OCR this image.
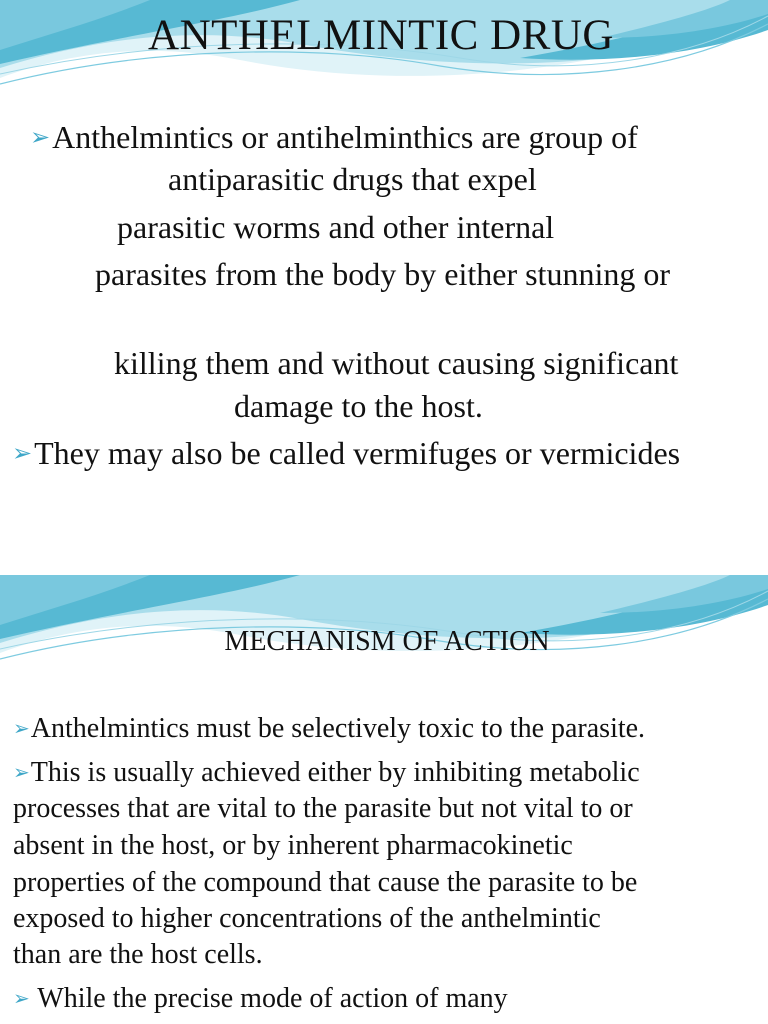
ANTHELMINTIC DRUG
➢Anthelmintics or antihelminthics are group of
antiparasitic drugs that expel
parasitic worms and other internal
parasites from the body by either stunning or
killing them and without causing significant
damage to the host.
➢They may also be called vermifuges or vermicides
MECHANISM OF ACTION
➢Anthelmintics must be selectively toxic to the parasite.
➢This is usually achieved either by inhibiting metabolic
processes that are vital to the parasite but not vital to or
absent in the host, or by inherent pharmacokinetic
properties of the compound that cause the parasite to be
exposed to higher concentrations of the anthelmintic
than are the host cells.
➢ While the precise mode of action of many
